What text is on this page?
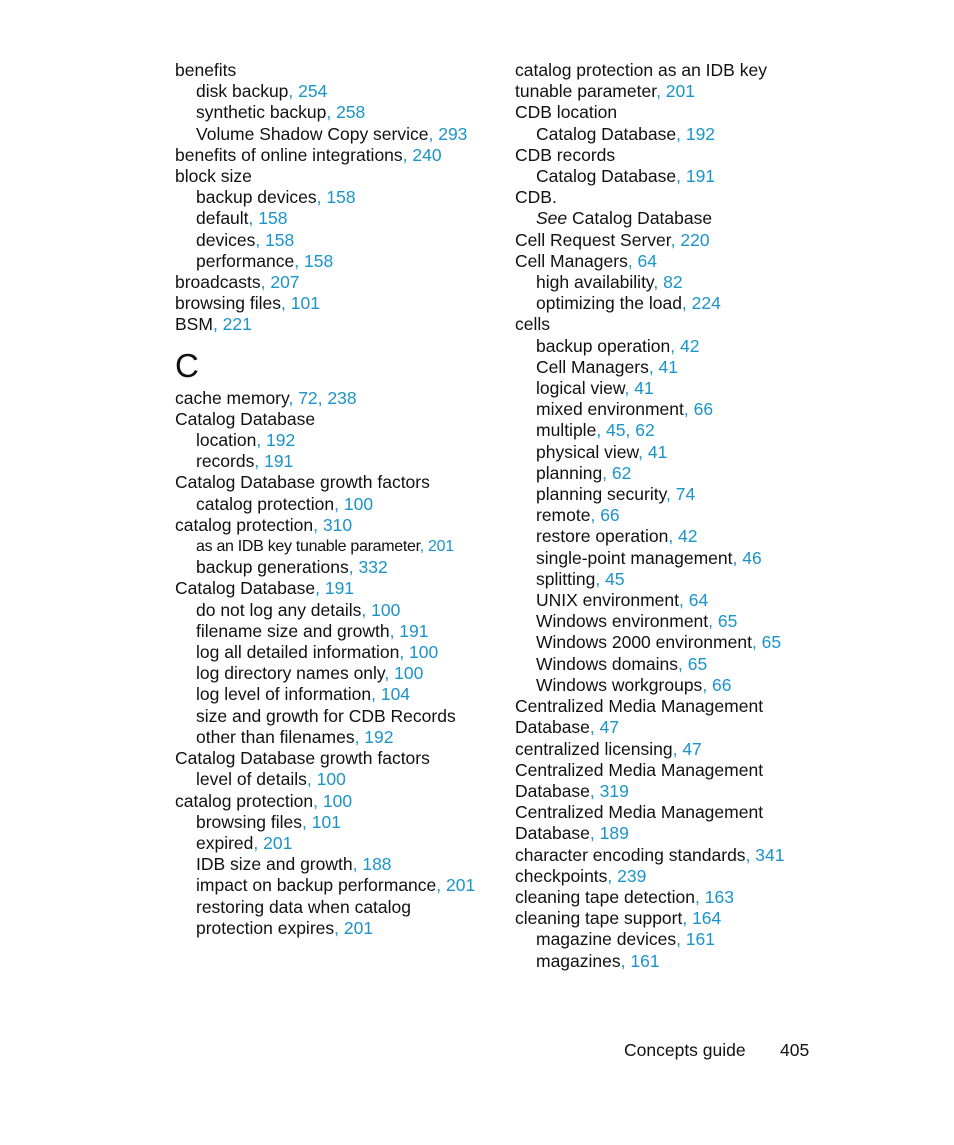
benefits
disk backup, 254
synthetic backup, 258
Volume Shadow Copy service, 293
benefits of online integrations, 240
block size
backup devices, 158
default, 158
devices, 158
performance, 158
broadcasts, 207
browsing files, 101
BSM, 221
C
cache memory, 72, 238
Catalog Database
location, 192
records, 191
Catalog Database growth factors
catalog protection, 100
catalog protection, 310
as an IDB key tunable parameter, 201
backup generations, 332
Catalog Database, 191
do not log any details, 100
filename size and growth, 191
log all detailed information, 100
log directory names only, 100
log level of information, 104
size and growth for CDB Records
other than filenames, 192
Catalog Database growth factors
level of details, 100
catalog protection, 100
browsing files, 101
expired, 201
IDB size and growth, 188
impact on backup performance, 201
restoring data when catalog
protection expires, 201
catalog protection as an IDB key
tunable parameter, 201
CDB location
Catalog Database, 192
CDB records
Catalog Database, 191
CDB.
See Catalog Database
Cell Request Server, 220
Cell Managers, 64
high availability, 82
optimizing the load, 224
cells
backup operation, 42
Cell Managers, 41
logical view, 41
mixed environment, 66
multiple, 45, 62
physical view, 41
planning, 62
planning security, 74
remote, 66
restore operation, 42
single-point management, 46
splitting, 45
UNIX environment, 64
Windows environment, 65
Windows 2000 environment, 65
Windows domains, 65
Windows workgroups, 66
Centralized Media Management
Database, 47
centralized licensing, 47
Centralized Media Management
Database, 319
Centralized Media Management
Database, 189
character encoding standards, 341
checkpoints, 239
cleaning tape detection, 163
cleaning tape support, 164
magazine devices, 161
magazines, 161
Concepts guide 405
